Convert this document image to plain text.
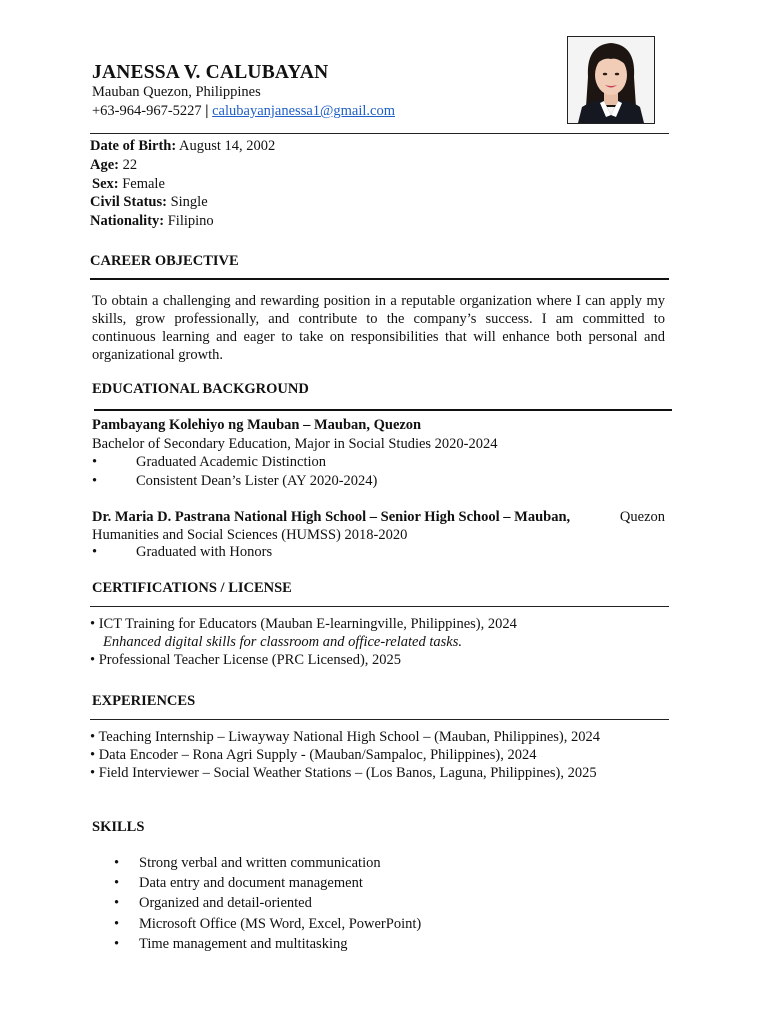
JANESSA V. CALUBAYAN
Mauban Quezon, Philippines
+63-964-967-5227 | calubayanjanessa1@gmail.com
Date of Birth: August 14, 2002
Age: 22
Sex: Female
Civil Status: Single
Nationality: Filipino
CAREER OBJECTIVE
To obtain a challenging and rewarding position in a reputable organization where I can apply my skills, grow professionally, and contribute to the company’s success. I am committed to continuous learning and eager to take on responsibilities that will enhance both personal and organizational growth.
EDUCATIONAL BACKGROUND
Pambayang Kolehiyo ng Mauban – Mauban, Quezon
Bachelor of Secondary Education, Major in Social Studies 2020-2024
•	Graduated Academic Distinction
•	Consistent Dean’s Lister (AY 2020-2024)
Dr. Maria D. Pastrana National High School – Senior High School – Mauban,	Quezon
Humanities and Social Sciences (HUMSS) 2018-2020
•	Graduated with Honors
CERTIFICATIONS / LICENSE
• ICT Training for Educators (Mauban E-learningville, Philippines), 2024
Enhanced digital skills for classroom and office-related tasks.
• Professional Teacher License (PRC Licensed), 2025
EXPERIENCES
• Teaching Internship – Liwayway National High School – (Mauban, Philippines), 2024
• Data Encoder – Rona Agri Supply - (Mauban/Sampaloc, Philippines), 2024
• Field Interviewer – Social Weather Stations – (Los Banos, Laguna, Philippines), 2025
SKILLS
• Strong verbal and written communication
• Data entry and document management
• Organized and detail-oriented
• Microsoft Office (MS Word, Excel, PowerPoint)
• Time management and multitasking
